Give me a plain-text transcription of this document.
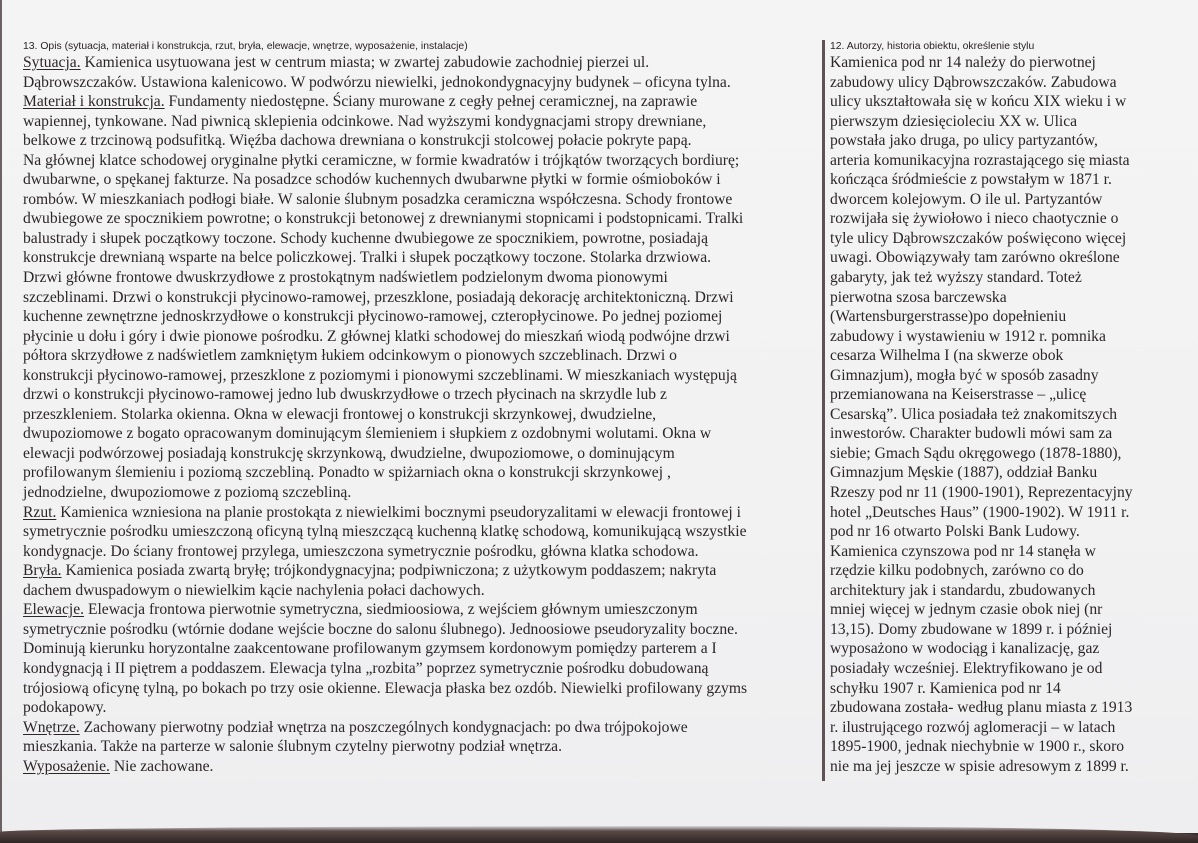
13. Opis (sytuacja, materiał i konstrukcja, rzut, bryła, elewacje, wnętrze, wyposażenie, instalacje)
Sytuacja. Kamienica usytuowana jest w centrum miasta; w zwartej zabudowie zachodniej pierzei ul.
Dąbrowszczaków. Ustawiona kalenicowo. W podwórzu niewielki, jednokondygnacyjny budynek – oficyna tylna.
Materiał i konstrukcja. Fundamenty niedostępne. Ściany murowane z cegły pełnej ceramicznej, na zaprawie
wapiennej, tynkowane. Nad piwnicą sklepienia odcinkowe. Nad wyższymi kondygnacjami stropy drewniane,
belkowe z trzcinową podsufitką. Więźba dachowa drewniana o konstrukcji stolcowej połacie pokryte papą.
Na głównej klatce schodowej oryginalne płytki ceramiczne, w formie kwadratów i trójkątów tworzących bordiurę;
dwubarwne, o spękanej fakturze. Na posadzce schodów kuchennych dwubarwne płytki w formie ośmioboków i
rombów. W mieszkaniach podłogi białe. W salonie ślubnym posadzka ceramiczna współczesna. Schody frontowe
dwubiegowe ze spocznikiem powrotne; o konstrukcji betonowej z drewnianymi stopnicami i podstopnicami. Tralki
balustrady i słupek początkowy toczone. Schody kuchenne dwubiegowe ze spocznikiem, powrotne, posiadają
konstrukcje drewnianą wsparte na belce policzkowej. Tralki i słupek początkowy toczone. Stolarka drzwiowa.
Drzwi główne frontowe dwuskrzydłowe z prostokątnym nadświetlem podzielonym dwoma pionowymi
szczeblinami. Drzwi o konstrukcji płycinowo-ramowej, przeszklone, posiadają dekorację architektoniczną. Drzwi
kuchenne zewnętrzne jednoskrzydłowe o konstrukcji płycinowo-ramowej, czteropłycinowe. Po jednej poziomej
płycinie u dołu i góry i dwie pionowe pośrodku. Z głównej klatki schodowej do mieszkań wiodą podwójne drzwi
półtora skrzydłowe z nadświetlem zamkniętym łukiem odcinkowym o pionowych szczeblinach. Drzwi o
konstrukcji płycinowo-ramowej, przeszklone z poziomymi i pionowymi szczeblinami. W mieszkaniach występują
drzwi o konstrukcji płycinowo-ramowej jedno lub dwuskrzydłowe o trzech płycinach na skrzydle lub z
przeszkleniem. Stolarka okienna. Okna w elewacji frontowej o konstrukcji skrzynkowej, dwudzielne,
dwupoziomowe z bogato opracowanym dominującym ślemieniem i słupkiem z ozdobnymi wolutami. Okna w
elewacji podwórzowej posiadają konstrukcję skrzynkową, dwudzielne, dwupoziomowe, o dominującym
profilowanym ślemieniu i poziomą szczebliną. Ponadto w spiżarniach okna o konstrukcji skrzynkowej ,
jednodzielne, dwupoziomowe z poziomą szczebliną.
Rzut. Kamienica wzniesiona na planie prostokąta z niewielkimi bocznymi pseudoryzalitami w elewacji frontowej i
symetrycznie pośrodku umieszczoną oficyną tylną mieszczącą kuchenną klatkę schodową, komunikującą wszystkie
kondygnacje. Do ściany frontowej przylega, umieszczona symetrycznie pośrodku, główna klatka schodowa.
Bryła. Kamienica posiada zwartą bryłę; trójkondygnacyjna; podpiwniczona; z użytkowym poddaszem; nakryta
dachem dwuspadowym o niewielkim kącie nachylenia połaci dachowych.
Elewacje. Elewacja frontowa pierwotnie symetryczna, siedmioosiowa, z wejściem głównym umieszczonym
symetrycznie pośrodku (wtórnie dodane wejście boczne do salonu ślubnego). Jednoosiowe pseudoryzality boczne.
Dominują kierunku horyzontalne zaakcentowane profilowanym gzymsem kordonowym pomiędzy parterem a I
kondygnacją i II piętrem a poddaszem. Elewacja tylna „rozbita” poprzez symetrycznie pośrodku dobudowaną
trójosiową oficynę tylną, po bokach po trzy osie okienne. Elewacja płaska bez ozdób. Niewielki profilowany gzyms
podokapowy.
Wnętrze. Zachowany pierwotny podział wnętrza na poszczególnych kondygnacjach: po dwa trójpokojowe
mieszkania. Także na parterze w salonie ślubnym czytelny pierwotny podział wnętrza.
Wyposażenie. Nie zachowane.
12. Autorzy, historia obiektu, określenie stylu
Kamienica pod nr 14 należy do pierwotnej
zabudowy ulicy Dąbrowszczaków. Zabudowa
ulicy ukształtowała się w końcu XIX wieku i w
pierwszym dziesięcioleciu XX w. Ulica
powstała jako druga, po ulicy partyzantów,
arteria komunikacyjna rozrastającego się miasta
kończąca śródmieście z powstałym w 1871 r.
dworcem kolejowym. O ile ul. Partyzantów
rozwijała się żywiołowo i nieco chaotycznie o
tyle ulicy Dąbrowszczaków poświęcono więcej
uwagi. Obowiązywały tam zarówno określone
gabaryty, jak też wyższy standard. Toteż
pierwotna szosa barczewska
(Wartensburgerstrasse)po dopełnieniu
zabudowy i wystawieniu w 1912 r. pomnika
cesarza Wilhelma I (na skwerze obok
Gimnazjum), mogła być w sposób zasadny
przemianowana na Keiserstrasse – „ulicę
Cesarską”. Ulica posiadała też znakomitszych
inwestorów. Charakter budowli mówi sam za
siebie; Gmach Sądu okręgowego (1878-1880),
Gimnazjum Męskie (1887), oddział Banku
Rzeszy pod nr 11 (1900-1901), Reprezentacyjny
hotel „Deutsches Haus” (1900-1902). W 1911 r.
pod nr 16 otwarto Polski Bank Ludowy.
Kamienica czynszowa pod nr 14 stanęła w
rzędzie kilku podobnych, zarówno co do
architektury jak i standardu, zbudowanych
mniej więcej w jednym czasie obok niej (nr
13,15). Domy zbudowane w 1899 r. i później
wyposażono w wodociąg i kanalizację, gaz
posiadały wcześniej. Elektryfikowano je od
schyłku 1907 r. Kamienica pod nr 14
zbudowana została- według planu miasta z 1913
r. ilustrującego rozwój aglomeracji – w latach
1895-1900, jednak niechybnie w 1900 r., skoro
nie ma jej jeszcze w spisie adresowym z 1899 r.
